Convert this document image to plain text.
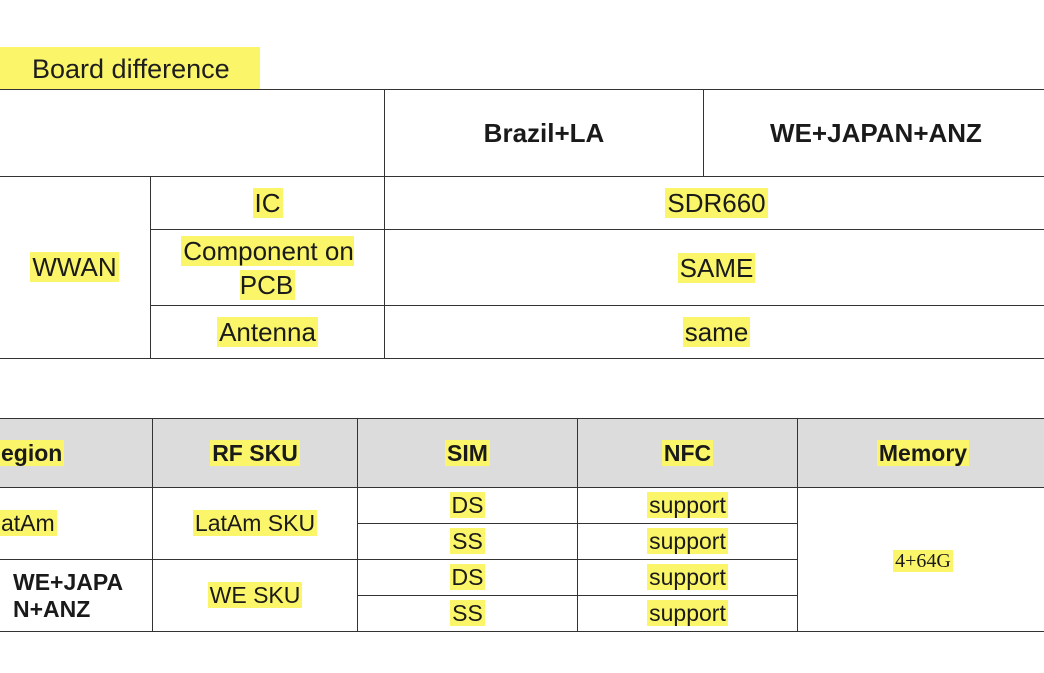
Board difference
		Brazil+LA	WE+JAPAN+ANZ
WWAN	IC	SDR660	
	Component on PCB	SAME	
	Antenna	same	
egion	RF SKU	SIM	NFC	Memory
atAm	LatAm SKU	DS	support	4+64G
		SS	support	
WE+JAPA N+ANZ	WE SKU	DS	support	
		SS	support	
